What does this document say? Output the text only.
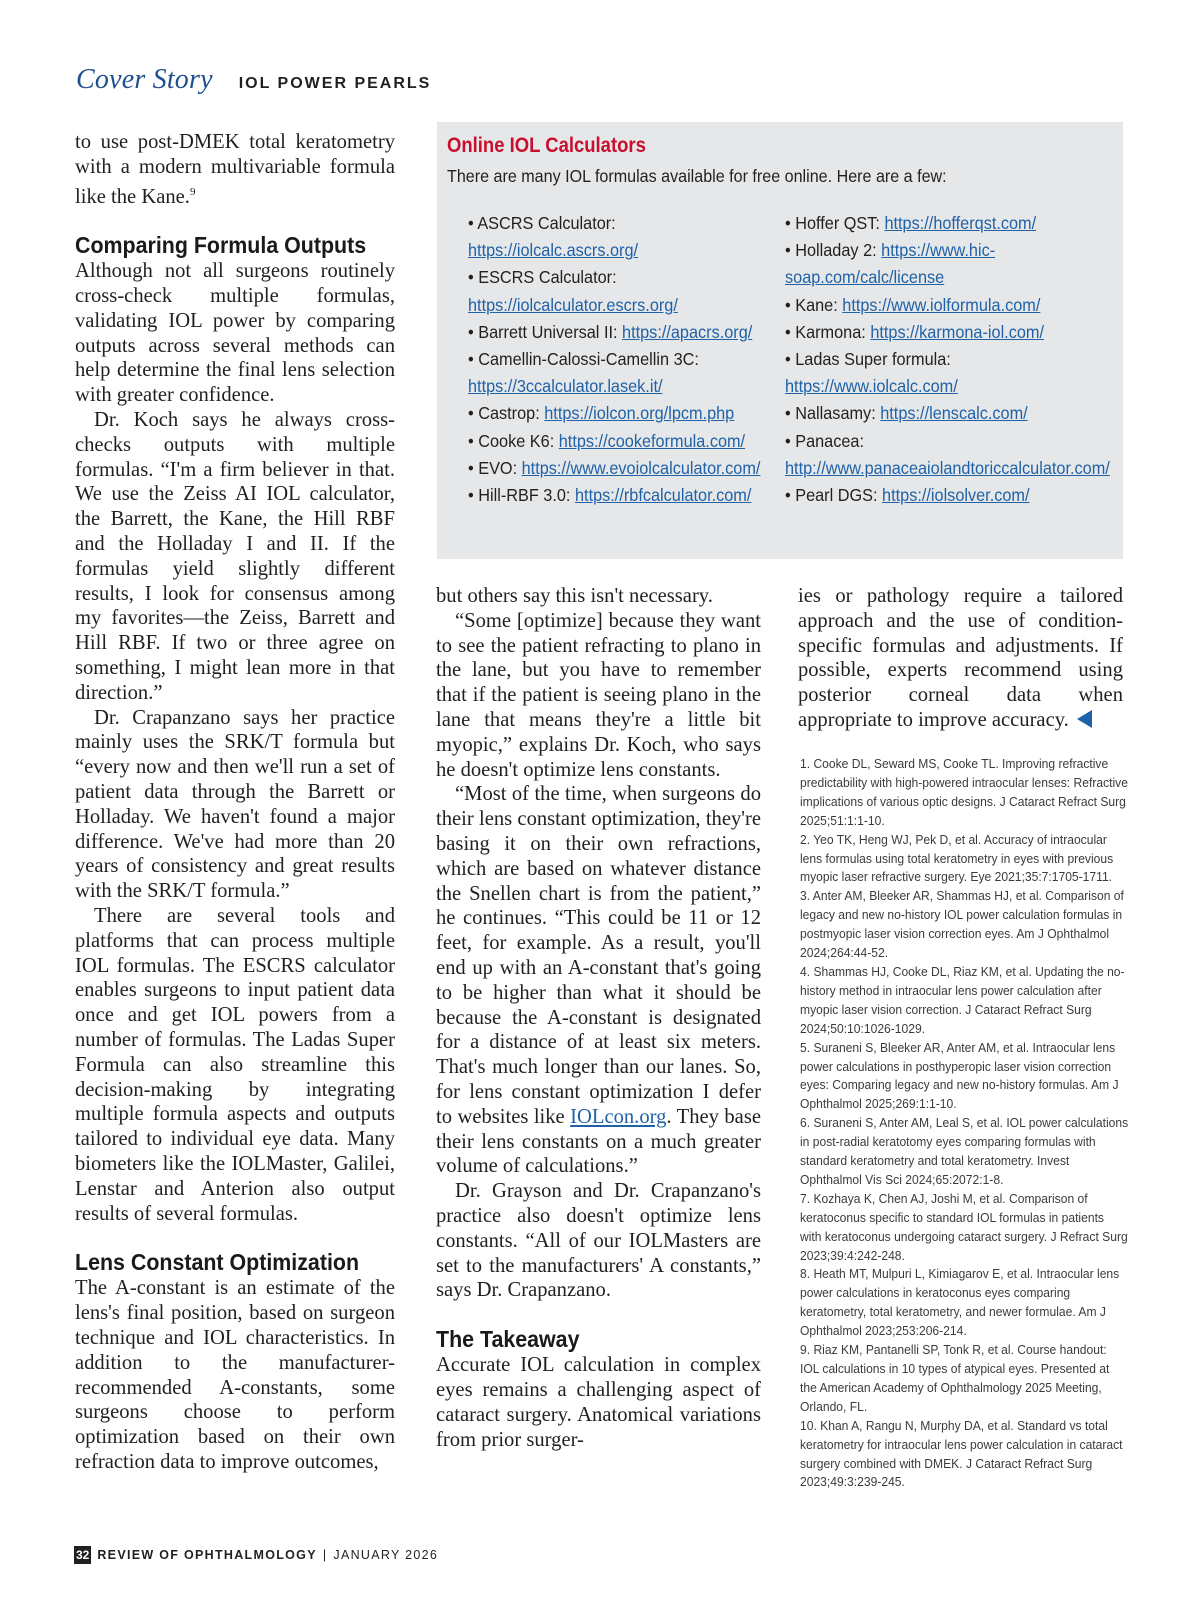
Cover Story IOL POWER PEARLS

to use post-DMEK total keratometry with a modern multivariable formula like the Kane.$^9$

Comparing Formula Outputs

Although not all surgeons routinely cross-check multiple formulas, validating IOL power by comparing outputs across several methods can help determine the final lens selection with greater confidence.

Dr. Koch says he always cross-checks outputs with multiple formulas. “I'm a firm believer in that. We use the Zeiss AI IOL calculator, the Barrett, the Kane, the Hill RBF and the Holladay I and II. If the formulas yield slightly different results, I look for consensus among my favorites—the Zeiss, Barrett and Hill RBF. If two or three agree on something, I might lean more in that direction.”

Dr. Crapanzano says her practice mainly uses the SRK/T formula but “every now and then we'll run a set of patient data through the Barrett or Holladay. We haven't found a major difference. We've had more than 20 years of consistency and great results with the SRK/T formula.”

There are several tools and platforms that can process multiple IOL formulas. The ESCRS calculator enables surgeons to input patient data once and get IOL powers from a number of formulas. The Ladas Super Formula can also streamline this decision-making by integrating multiple formula aspects and outputs tailored to individual eye data. Many biometers like the IOLMaster, Galilei, Lenstar and Anterion also output results of several formulas.

Lens Constant Optimization

The A-constant is an estimate of the lens's final position, based on surgeon technique and IOL characteristics. In addition to the manufacturer-recommended A-constants, some surgeons choose to perform optimization based on their own refraction data to improve outcomes,

Online IOL Calculators
There are many IOL formulas available for free online. Here are a few:
• ASCRS Calculator: https://iolcalc.ascrs.org/
• ESCRS Calculator: https://iolcalculator.escrs.org/
• Barrett Universal II: https://apacrs.org/
• Camellin-Calossi-Camellin 3C: https://3ccalculator.lasek.it/
• Castrop: https://iolcon.org/lpcm.php
• Cooke K6: https://cookeformula.com/
• EVO: https://www.evoiolcalculator.com/
• Hill-RBF 3.0: https://rbfcalculator.com/
• Hoffer QST: https://hofferqst.com/
• Holladay 2: https://www.hic-soap.com/calc/license
• Kane: https://www.iolformula.com/
• Karmona: https://karmona-iol.com/
• Ladas Super formula: https://www.iolcalc.com/
• Nallasamy: https://lenscalc.com/
• Panacea: http://www.panaceaiolandtoriccalculator.com/
• Pearl DGS: https://iolsolver.com/

but others say this isn't necessary.

“Some [optimize] because they want to see the patient refracting to plano in the lane, but you have to remember that if the patient is seeing plano in the lane that means they're a little bit myopic,” explains Dr. Koch, who says he doesn't optimize lens constants.

“Most of the time, when surgeons do their lens constant optimization, they're basing it on their own refractions, which are based on whatever distance the Snellen chart is from the patient,” he continues. “This could be 11 or 12 feet, for example. As a result, you'll end up with an A-constant that's going to be higher than what it should be because the A-constant is designated for a distance of at least six meters. That's much longer than our lanes. So, for lens constant optimization I defer to websites like IOLcon.org. They base their lens constants on a much greater volume of calculations.”

Dr. Grayson and Dr. Crapanzano's practice also doesn't optimize lens constants. “All of our IOLMasters are set to the manufacturers' A constants,” says Dr. Crapanzano.

The Takeaway

Accurate IOL calculation in complex eyes remains a challenging aspect of cataract surgery. Anatomical variations from prior surger-

ies or pathology require a tailored approach and the use of condition-specific formulas and adjustments. If possible, experts recommend using posterior corneal data when appropriate to improve accuracy.

1. Cooke DL, Seward MS, Cooke TL. Improving refractive predictability with high-powered intraocular lenses: Refractive implications of various optic designs. J Cataract Refract Surg 2025;51:1:1-10.
2. Yeo TK, Heng WJ, Pek D, et al. Accuracy of intraocular lens formulas using total keratometry in eyes with previous myopic laser refractive surgery. Eye 2021;35:7:1705-1711.
3. Anter AM, Bleeker AR, Shammas HJ, et al. Comparison of legacy and new no-history IOL power calculation formulas in postmyopic laser vision correction eyes. Am J Ophthalmol 2024;264:44-52.
4. Shammas HJ, Cooke DL, Riaz KM, et al. Updating the no-history method in intraocular lens power calculation after myopic laser vision correction. J Cataract Refract Surg 2024;50:10:1026-1029.
5. Suraneni S, Bleeker AR, Anter AM, et al. Intraocular lens power calculations in posthyperopic laser vision correction eyes: Comparing legacy and new no-history formulas. Am J Ophthalmol 2025;269:1:1-10.
6. Suraneni S, Anter AM, Leal S, et al. IOL power calculations in post-radial keratotomy eyes comparing formulas with standard keratometry and total keratometry. Invest Ophthalmol Vis Sci 2024;65:2072:1-8.
7. Kozhaya K, Chen AJ, Joshi M, et al. Comparison of keratoconus specific to standard IOL formulas in patients with keratoconus undergoing cataract surgery. J Refract Surg 2023;39:4:242-248.
8. Heath MT, Mulpuri L, Kimiagarov E, et al. Intraocular lens power calculations in keratoconus eyes comparing keratometry, total keratometry, and newer formulae. Am J Ophthalmol 2023;253:206-214.
9. Riaz KM, Pantanelli SP, Tonk R, et al. Course handout: IOL calculations in 10 types of atypical eyes. Presented at the American Academy of Ophthalmology 2025 Meeting, Orlando, FL.
10. Khan A, Rangu N, Murphy DA, et al. Standard vs total keratometry for intraocular lens power calculation in cataract surgery combined with DMEK. J Cataract Refract Surg 2023;49:3:239-245.
32 REVIEW OF OPHTHALMOLOGY | JANUARY 2026
